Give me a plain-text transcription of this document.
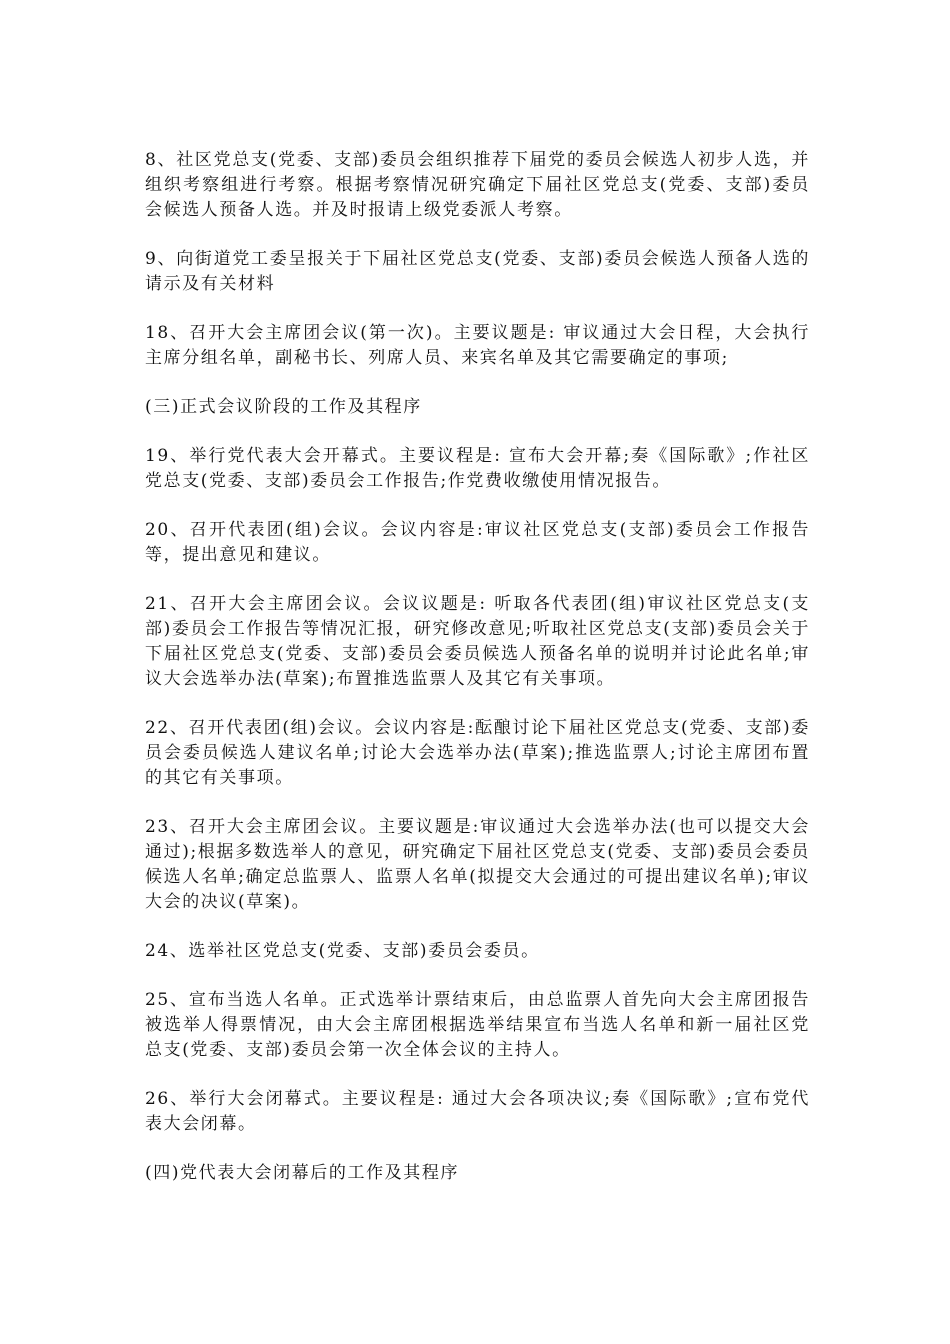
8、社区党总支(党委、支部)委员会组织推荐下届党的委员会候选人初步人选，并组织考察组进行考察。根据考察情况研究确定下届社区党总支(党委、支部)委员会候选人预备人选。并及时报请上级党委派人考察。

9、向街道党工委呈报关于下届社区党总支(党委、支部)委员会候选人预备人选的请示及有关材料

18、召开大会主席团会议(第一次)。主要议题是: 审议通过大会日程，大会执行主席分组名单，副秘书长、列席人员、来宾名单及其它需要确定的事项;

(三)正式会议阶段的工作及其程序

19、举行党代表大会开幕式。主要议程是: 宣布大会开幕;奏《国际歌》;作社区党总支(党委、支部)委员会工作报告;作党费收缴使用情况报告。

20、召开代表团(组)会议。会议内容是:审议社区党总支(支部)委员会工作报告等，提出意见和建议。

21、召开大会主席团会议。会议议题是: 听取各代表团(组)审议社区党总支(支部)委员会工作报告等情况汇报，研究修改意见;听取社区党总支(支部)委员会关于下届社区党总支(党委、支部)委员会委员候选人预备名单的说明并讨论此名单;审议大会选举办法(草案);布置推选监票人及其它有关事项。

22、召开代表团(组)会议。会议内容是:酝酿讨论下届社区党总支(党委、支部)委员会委员候选人建议名单;讨论大会选举办法(草案);推选监票人;讨论主席团布置的其它有关事项。

23、召开大会主席团会议。主要议题是:审议通过大会选举办法(也可以提交大会通过);根据多数选举人的意见，研究确定下届社区党总支(党委、支部)委员会委员候选人名单;确定总监票人、监票人名单(拟提交大会通过的可提出建议名单);审议大会的决议(草案)。

24、选举社区党总支(党委、支部)委员会委员。

25、宣布当选人名单。正式选举计票结束后，由总监票人首先向大会主席团报告被选举人得票情况，由大会主席团根据选举结果宣布当选人名单和新一届社区党总支(党委、支部)委员会第一次全体会议的主持人。

26、举行大会闭幕式。主要议程是: 通过大会各项决议;奏《国际歌》;宣布党代表大会闭幕。

(四)党代表大会闭幕后的工作及其程序
